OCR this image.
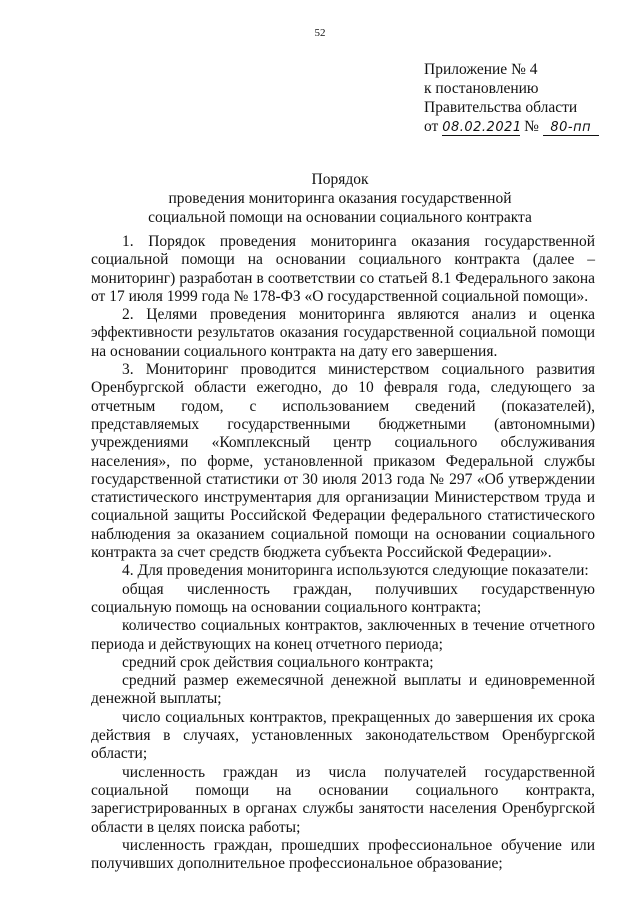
52
Приложение № 4
к постановлению
Правительства области
от 08.02.2021 № 80-пп
Порядок
проведения мониторинга оказания государственной
социальной помощи на основании социального контракта

1. Порядок проведения мониторинга оказания государственной социальной помощи на основании социального контракта (далее – мониторинг) разработан в соответствии со статьей 8.1 Федерального закона от 17 июля 1999 года № 178-ФЗ «О государственной социальной помощи».

2. Целями проведения мониторинга являются анализ и оценка эффективности результатов оказания государственной социальной помощи на основании социального контракта на дату его завершения.

3. Мониторинг проводится министерством социального развития Оренбургской области ежегодно, до 10 февраля года, следующего за отчетным годом, с использованием сведений (показателей), представляемых государственными бюджетными (автономными) учреждениями «Комплексный центр социального обслуживания населения», по форме, установленной приказом Федеральной службы государственной статистики от 30 июля 2013 года № 297 «Об утверждении статистического инструментария для организации Министерством труда и социальной защиты Российской Федерации федерального статистического наблюдения за оказанием социальной помощи на основании социального контракта за счет средств бюджета субъекта Российской Федерации».

4. Для проведения мониторинга используются следующие показатели:

общая численность граждан, получивших государственную социальную помощь на основании социального контракта;

количество социальных контрактов, заключенных в течение отчетного периода и действующих на конец отчетного периода;

средний срок действия социального контракта;

средний размер ежемесячной денежной выплаты и единовременной денежной выплаты;

число социальных контрактов, прекращенных до завершения их срока действия в случаях, установленных законодательством Оренбургской области;

численность граждан из числа получателей государственной социальной помощи на основании социального контракта, зарегистрированных в органах службы занятости населения Оренбургской области в целях поиска работы;

численность граждан, прошедших профессиональное обучение или получивших дополнительное профессиональное образование;
